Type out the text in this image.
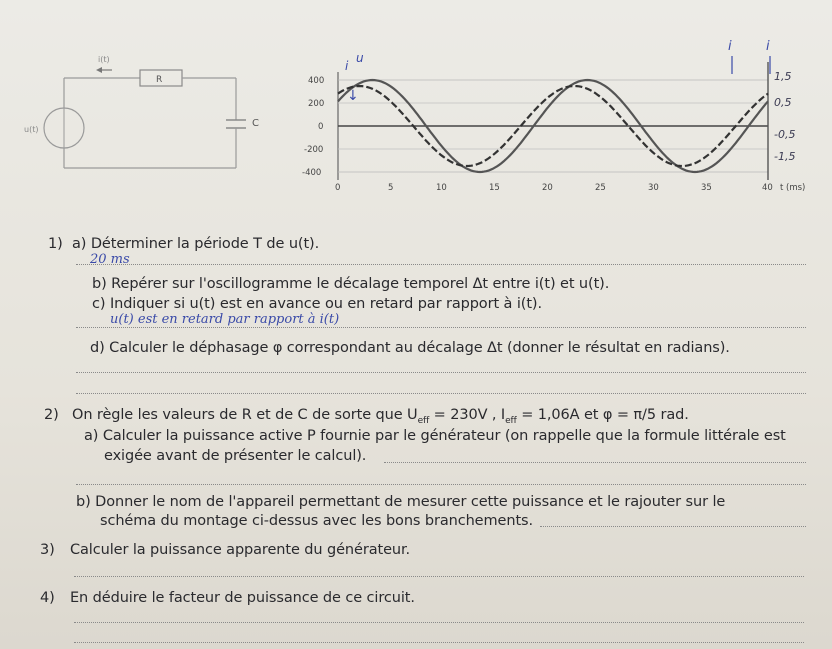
i(t)
R
C
u(t)
400
200
0
-200
-400
0	5	10	15	20	25	30	35	40 t (ms)
1,5
0,5
-0,5
-1,5
i
u
↓
i	i
1) a) Déterminer la période T de u(t).
20 ms
b) Repérer sur l'oscillogramme le décalage temporel Δt entre i(t) et u(t).
c) Indiquer si u(t) est en avance ou en retard par rapport à i(t).
u(t) est en retard par rapport à i(t)
d) Calculer le déphasage φ correspondant au décalage Δt (donner le résultat en radians).
2) On règle les valeurs de R et de C de sorte que $U_{eff} = 230V$ , $I_{eff} = 1,06A$ et φ = π/5 rad.
a) Calculer la puissance active P fournie par le générateur (on rappelle que la formule littérale est
exigée avant de présenter le calcul).
b) Donner le nom de l'appareil permettant de mesurer cette puissance et le rajouter sur le
schéma du montage ci-dessus avec les bons branchements.
3) Calculer la puissance apparente du générateur.
4) En déduire le facteur de puissance de ce circuit.
